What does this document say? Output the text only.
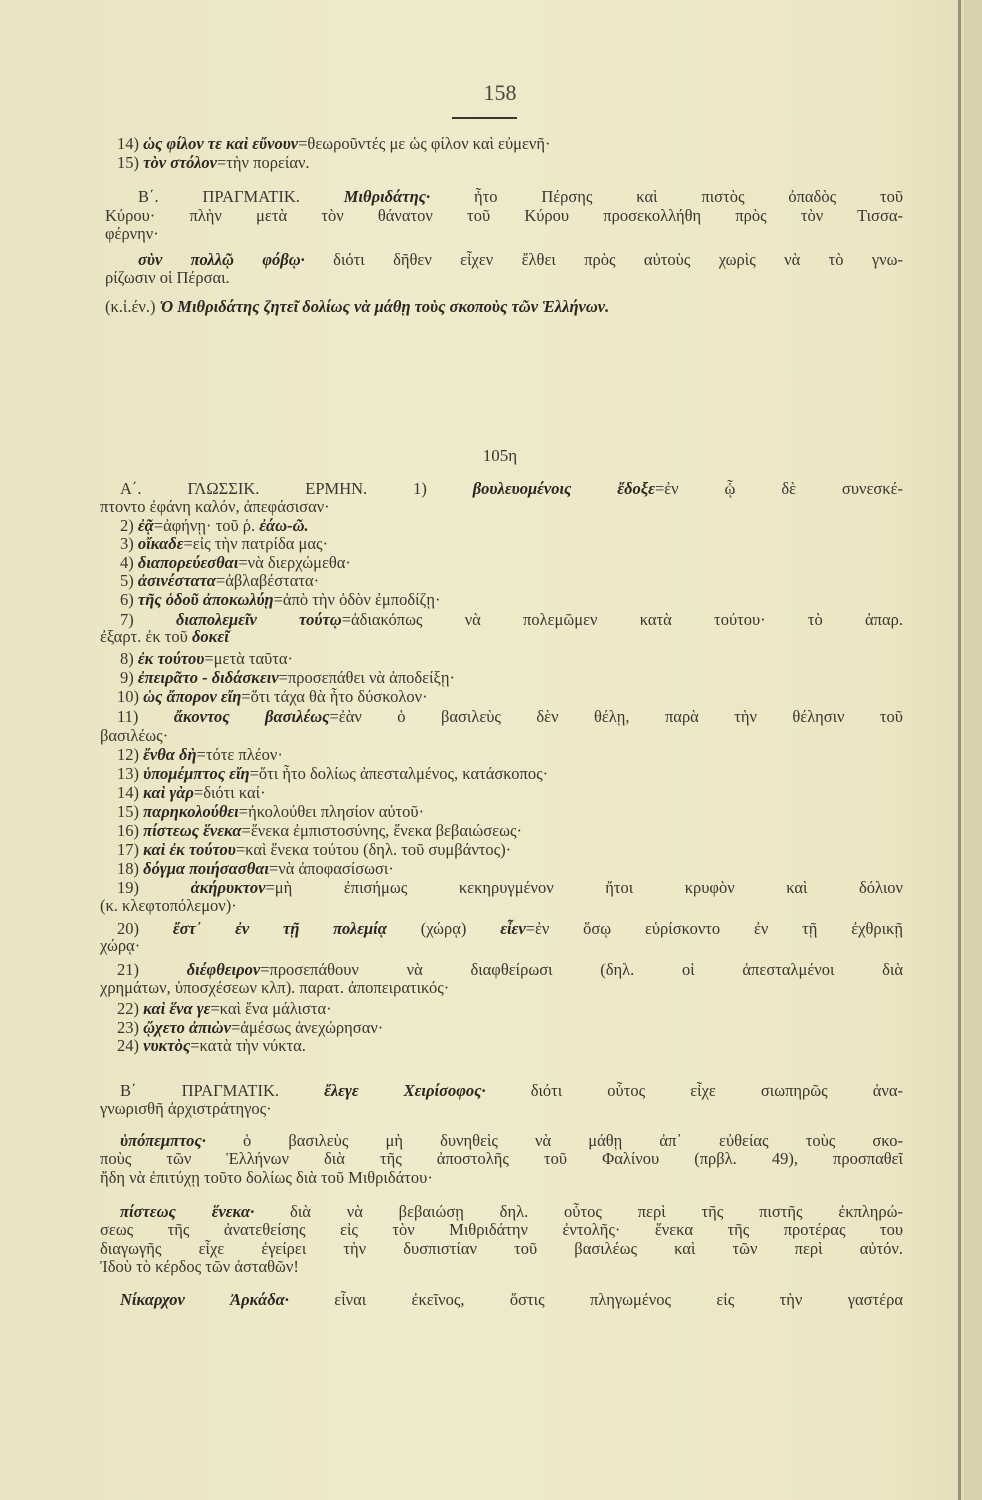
158
105η
14) ὡς φίλον τε καὶ εὔνουν=θεωροῦντές με ὡς φίλον καὶ εὐμενῆ·
15) τὸν στόλον=τὴν πορείαν.
Β΄. ΠΡΑΓΜΑΤΙΚ. Μιθριδάτης· ἦτο Πέρσης καὶ πιστὸς ὀπαδὸς τοῦ
Κύρου· πλὴν μετὰ τὸν θάνατον τοῦ Κύρου προσεκολλήθη πρὸς τὸν Τισσα-
φέρνην·
σὺν πολλῷ φόβῳ· διότι δῆθεν εἶχεν ἔλθει πρὸς αὐτοὺς χωρὶς νὰ τὸ γνω-
ρίζωσιν οἱ Πέρσαι.
(κ.ἰ.έν.) Ὁ Μιθριδάτης ζητεῖ δολίως νὰ μάθῃ τοὺς σκοποὺς τῶν Ἑλλήνων.
Α΄. ΓΛΩΣΣΙΚ. ΕΡΜΗΝ. 1) βουλευομένοις ἔδοξε=ἐν ᾧ δὲ συνεσκέ-
πτοντο ἐφάνη καλόν, ἀπεφάσισαν·
2) ἐᾷ=ἀφήνῃ· τοῦ ῥ. ἐάω-ῶ.
3) οἴκαδε=εἰς τὴν πατρίδα μας·
4) διαπορεύεσθαι=νὰ διερχώμεθα·
5) ἀσινέστατα=ἀβλαβέστατα·
6) τῆς ὁδοῦ ἀποκωλύῃ=ἀπὸ τὴν ὁδὸν ἐμποδίζῃ·
7) διαπολεμεῖν τούτῳ=ἀδιακόπως νὰ πολεμῶμεν κατὰ τούτου· τὸ ἀπαρ.
ἐξαρτ. ἐκ τοῦ δοκεῖ
8) ἐκ τούτου=μετὰ ταῦτα·
9) ἐπειρᾶτο - διδάσκειν=προσεπάθει νὰ ἀποδείξῃ·
10) ὡς ἄπορον εἴη=ὅτι τάχα θὰ ἦτο δύσκολον·
11) ἄκοντος βασιλέως=ἐὰν ὁ βασιλεὺς δὲν θέλῃ, παρὰ τὴν θέλησιν τοῦ
βασιλέως·
12) ἔνθα δὴ=τότε πλέον·
13) ὑπομέμπτος εἴη=ὅτι ἦτο δολίως ἀπεσταλμένος, κατάσκοπος·
14) καὶ γὰρ=διότι καί·
15) παρηκολούθει=ἠκολούθει πλησίον αὐτοῦ·
16) πίστεως ἕνεκα=ἕνεκα ἐμπιστοσύνης, ἕνεκα βεβαιώσεως·
17) καὶ ἐκ τούτου=καὶ ἕνεκα τούτου (δηλ. τοῦ συμβάντος)·
18) δόγμα ποιήσασθαι=νὰ ἀποφασίσωσι·
19) ἀκήρυκτον=μὴ ἐπισήμως κεκηρυγμένον ἤτοι κρυφὸν καὶ δόλιον
(κ. κλεφτοπόλεμον)·
20) ἔστ᾽ ἐν τῇ πολεμίᾳ (χώρᾳ) εἶεν=ἐν ὅσῳ εὑρίσκοντο ἐν τῇ ἐχθρικῇ
χώρᾳ·
21) διέφθειρον=προσεπάθουν νὰ διαφθείρωσι (δηλ. οἱ ἀπεσταλμένοι διὰ
χρημάτων, ὑποσχέσεων κλπ). παρατ. ἀποπειρατικός·
22) καὶ ἕνα γε=καὶ ἕνα μάλιστα·
23) ᾤχετο ἀπιὼν=ἀμέσως ἀνεχώρησαν·
24) νυκτὸς=κατὰ τὴν νύκτα.
Β΄ ΠΡΑΓΜΑΤΙΚ. ἔλεγε Χειρίσοφος· διότι οὗτος εἶχε σιωπηρῶς ἀνα-
γνωρισθῆ ἀρχιστράτηγος·
ὑπόπεμπτος· ὁ βασιλεὺς μὴ δυνηθεὶς νὰ μάθῃ ἀπ᾽ εὐθείας τοὺς σκο-
ποὺς τῶν Ἑλλήνων διὰ τῆς ἀποστολῆς τοῦ Φαλίνου (πρβλ. 49), προσπαθεῖ
ἤδη νὰ ἐπιτύχῃ τοῦτο δολίως διὰ τοῦ Μιθριδάτου·
πίστεως ἕνεκα· διὰ νὰ βεβαιώσῃ δηλ. οὗτος περὶ τῆς πιστῆς ἐκπληρώ-
σεως τῆς ἀνατεθείσης εἰς τὸν Μιθριδάτην ἐντολῆς· ἕνεκα τῆς προτέρας του
διαγωγῆς εἶχε ἐγείρει τὴν δυσπιστίαν τοῦ βασιλέως καὶ τῶν περὶ αὐτόν.
Ἰδοὺ τὸ κέρδος τῶν ἀσταθῶν!
Νίκαρχον Ἀρκάδα· εἶναι ἐκεῖνος, ὅστις πληγωμένος εἰς τὴν γαστέρα
